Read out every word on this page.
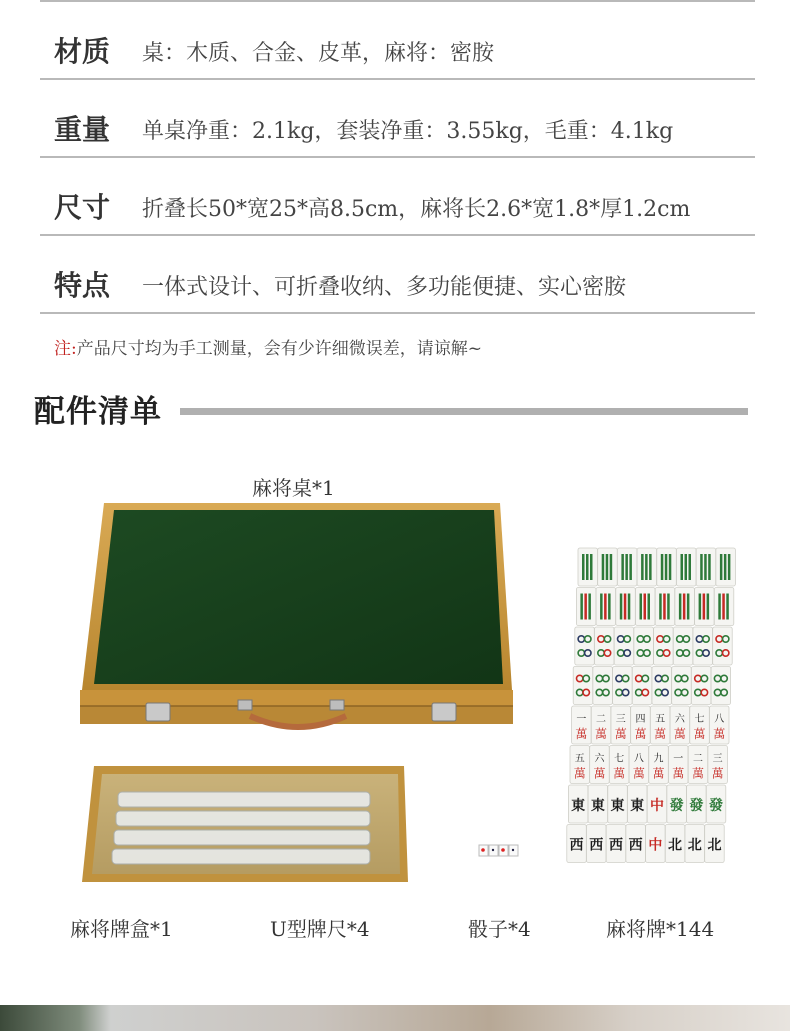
材质 桌：木质、合金、皮革，麻将：密胺
重量 单桌净重：2.1kg，套装净重：3.55kg，毛重：4.1kg
尺寸 折叠长50*宽25*高8.5cm，麻将长2.6*宽1.8*厚1.2cm
特点 一体式设计、可折叠收纳、多功能便捷、实心密胺
注:产品尺寸均为手工测量，会有少许细微误差，请谅解~
配件清单
麻将桌*1
麻将牌盒*1	U型牌尺*4	骰子*4	麻将牌*144
一
萬
二
萬
三
萬
四
萬
五
萬
六
萬
七
萬
八
萬
五
萬
六
萬
七
萬
八
萬
九
萬
一
萬
二
萬
三
萬
東 東 東 東 中 發 發 發
西 西 西 西 中 北 北 北
